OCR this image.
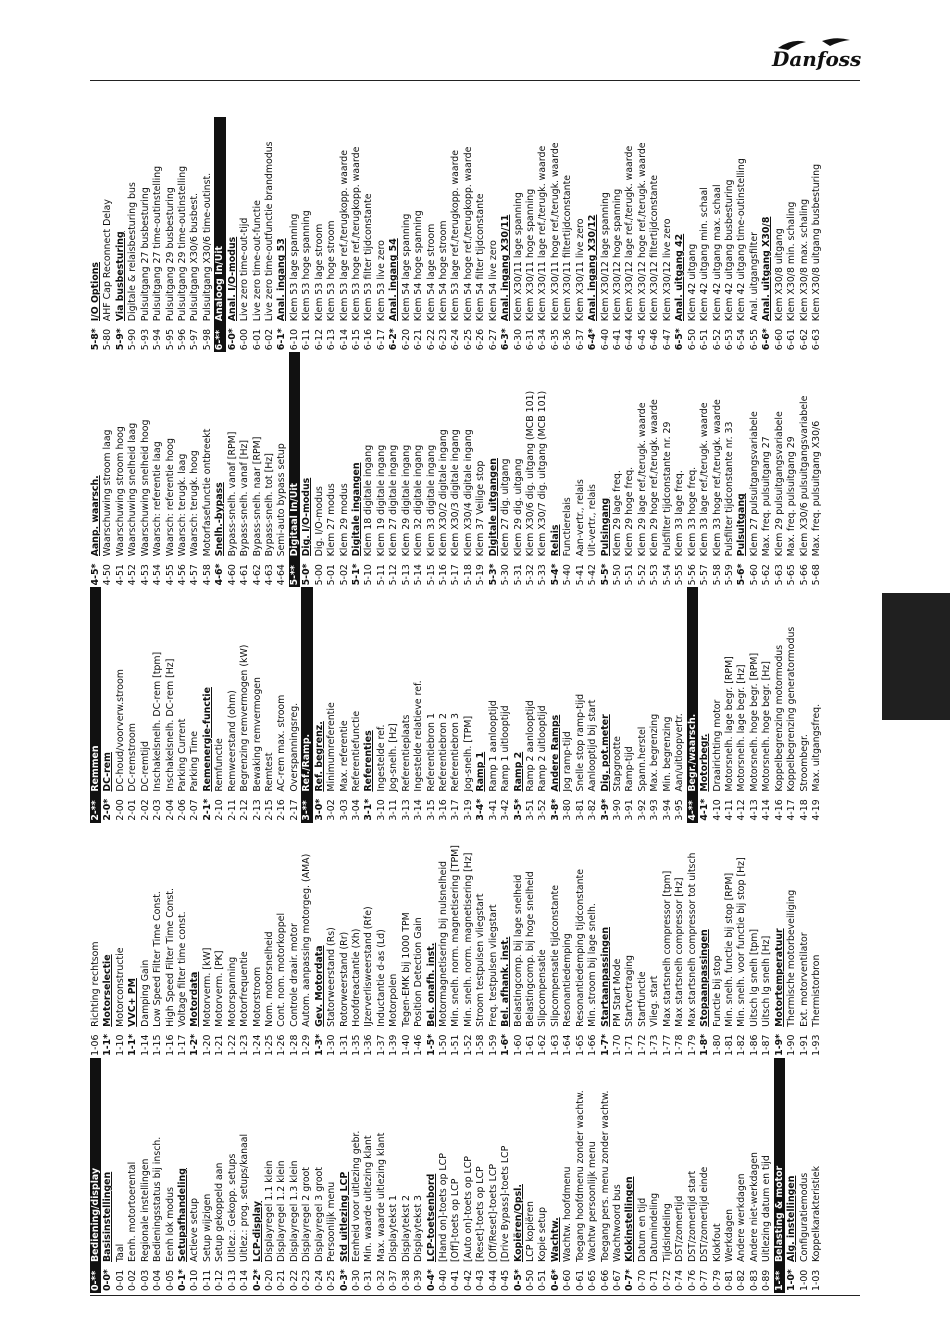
Danfoss
0-**
Bediening/display
0-0*
Basisinstellingen
0-01
Taal
0-02
Eenh. motortoerental
0-03
Regionale instellingen
0-04
Bedieningsstatus bij insch.
0-05
Eenh lok modus
0-1*
Setupafhandeling
0-10
Actieve setup
0-11
Setup wijzigen
0-12
Setup gekoppeld aan
0-13
Uitlez.: Gekopp. setups
0-14
Uitlez.: prog. setups/kanaal
0-2*
LCP-display
0-20
Displayregel 1.1 klein
0-21
Displayregel 1.2 klein
0-22
Displayregel 1.3 klein
0-23
Displayregel 2 groot
0-24
Displayregel 3 groot
0-25
Persoonlijk menu
0-3*
Std uitlezing LCP
0-30
Eenheid voor uitlezing gebr.
0-31
Min. waarde uitlezing klant
0-32
Max. waarde uitlezing klant
0-37
Displaytekst 1
0-38
Displaytekst 2
0-39
Displaytekst 3
0-4*
LCP-toetsenbord
0-40
[Hand on]-toets op LCP
0-41
[Off]-toets op LCP
0-42
[Auto on]-toets op LCP
0-43
[Reset]-toets op LCP
0-44
[Off/Reset]-toets LCP
0-45
[Drive Bypass]-toets LCP
0-5*
Kopiëren/Opsl.
0-50
LCP kopiëren
0-51
Kopie setup
0-6*
Wachtw.
0-60
Wachtw. hoofdmenu
0-61
Toegang hoofdmenu zonder wachtw.
0-65
Wachtw persoonlijk menu
0-66
Toegang pers. menu zonder wachtw.
0-67
Wachtwoord bus
0-7*
Klokinstellingen
0-70
Datum en tijd
0-71
Datumindeling
0-72
Tijdsindeling
0-74
DST/zomertijd
0-76
DST/zomertijd start
0-77
DST/zomertijd einde
0-79
Klokfout
0-81
Werkdagen
0-82
Andere werkdagen
0-83
Andere niet-werkdagen
0-89
Uitlezing datum en tijd
1-**
Belasting & motor
1-0*
Alg. instellingen
1-00
Configuratiemodus
1-03
Koppelkarakteristiek
1-06
Richting rechtsom
1-1*
Motorselectie
1-10
Motorconstructie
1-1*
VVC+ PM
1-14
Damping Gain
1-15
Low Speed Filter Time Const.
1-16
High Speed Filter Time Const.
1-17
Voltage filter time const.
1-2*
Motordata
1-20
Motorverm. [kW]
1-21
Motorverm. [PK]
1-22
Motorspanning
1-23
Motorfrequentie
1-24
Motorstroom
1-25
Nom. motorsnelheid
1-26
Cont. nom. motorkoppel
1-28
Controle draair. motor
1-29
Autom. aanpassing motorgeg. (AMA)
1-3*
Gev. Motordata
1-30
Statorweerstand (Rs)
1-31
Rotorweerstand (Rr)
1-35
Hoofdreactantie (Xh)
1-36
IJzerverlisweerstand (Rfe)
1-37
Inductantie d-as (Ld)
1-39
Motorpolen
1-40
Tegen-EMK bij 1000 TPM
1-46
Position Detection Gain
1-5*
Bel. onafh. inst.
1-50
Motormagnetisering bij nulsnelheid
1-51
Min. snelh. norm. magnetisering [TPM]
1-52
Min. snelh. norm. magnetisering [Hz]
1-58
Stroom testpulsen vliegstart
1-59
Freq. testpulsen vliegstart
1-6*
Bel. afhank. inst.
1-60
Belastingcomp. bij lage snelheid
1-61
Belastingcomp. bij hoge snelheid
1-62
Slipcompensatie
1-63
Slipcompensatie tijdconstante
1-64
Resonantiedemping
1-65
Resonantiedemping tijdconstante
1-66
Min. stroom bij lage snelh.
1-7*
Startaanpassingen
1-70
PM Start Mode
1-71
Startvertraging
1-72
Startfunctie
1-73
Vlieg. start
1-77
Max startsnelh compressor [tpm]
1-78
Max startsnelh compressor [Hz]
1-79
Max startsnelh compressor tot uitsch
1-8*
Stopaanpassingen
1-80
Functie bij stop
1-81
Min. snelh. functie bij stop [RPM]
1-82
Min. snelh. voor functie bij stop [Hz]
1-86
Uitsch lg snelh [tpm]
1-87
Uitsch lg snelh [Hz]
1-9*
Motortemperatuur
1-90
Thermische motorbeveiliging
1-91
Ext. motorventilator
1-93
Thermistorbron
2-**
Remmen
2-0*
DC-rem
2-00
DC-houd/voorverw.stroom
2-01
DC-remstroom
2-02
DC-remtijd
2-03
Inschakelsnelh. DC-rem [tpm]
2-04
Inschakelsnelh. DC-rem [Hz]
2-06
Parking Current
2-07
Parking Time
2-1*
Remenergie-functie
2-10
Remfunctie
2-11
Remweerstand (ohm)
2-12
Begrenzing remvermogen (kW)
2-13
Bewaking remvermogen
2-15
Remtest
2-16
AC-rem max. stroom
2-17
Overspanningsreg.
3-**
Ref./Ramp.
3-0*
Ref. begrenz.
3-02
Minimumreferentie
3-03
Max. referentie
3-04
Referentiefunctie
3-1*
Referenties
3-10
Ingestelde ref.
3-11
Jog-snelh. [Hz]
3-13
Referentieplaats
3-14
Ingestelde relatieve ref.
3-15
Referentiebron 1
3-16
Referentiebron 2
3-17
Referentiebron 3
3-19
Jog-snelh. [TPM]
3-4*
Ramp 1
3-41
Ramp 1 aanlooptijd
3-42
Ramp 1 uitlooptijd
3-5*
Ramp 2
3-51
Ramp 2 aanlooptijd
3-52
Ramp 2 uitlooptijd
3-8*
Andere Ramps
3-80
Jog ramp-tijd
3-81
Snelle stop ramp-tijd
3-82
Aanlooptijd bij start
3-9*
Dig. pot.meter
3-90
Stapgrootte
3-91
Ramp-tijd
3-92
Spann.herstel
3-93
Max. begrenzing
3-94
Min. begrenzing
3-95
Aan/uitloopvertr.
4-**
Begr./waarsch.
4-1*
Motorbegr.
4-10
Draairichting motor
4-11
Motorsnelh. lage begr. [RPM]
4-12
Motorsnelh. lage begr. [Hz]
4-13
Motorsnelh. hoge begr. [RPM]
4-14
Motorsnelh. hoge begr. [Hz]
4-16
Koppelbegrenzing motormodus
4-17
Koppelbegrenzing generatormodus
4-18
Stroombegr.
4-19
Max. uitgangsfreq.
4-5*
Aanp. waarsch.
4-50
Waarschuwing stroom laag
4-51
Waarschuwing stroom hoog
4-52
Waarschuwing snelheid laag
4-53
Waarschuwing snelheid hoog
4-54
Waarsch: referentie laag
4-55
Waarsch: referentie hoog
4-56
Waarsch: terugk. laag
4-57
Waarsch: terugk. hoog
4-58
Motorfasefunctie ontbreekt
4-6*
Snelh.-bypass
4-60
Bypass-snelh. vanaf [RPM]
4-61
Bypass-snelh. vanaf [Hz]
4-62
Bypass-snelh. naar [RPM]
4-63
Bypass-snelh. tot [Hz]
4-64
Semi-auto bypass setup
5-**
Digitaal In/Uit
5-0*
Dig. I/O-modus
5-00
Dig. I/O-modus
5-01
Klem 27 modus
5-02
Klem 29 modus
5-1*
Digitale ingangen
5-10
Klem 18 digitale ingang
5-11
Klem 19 digitale ingang
5-12
Klem 27 digitale ingang
5-13
Klem 29 digitale ingang
5-14
Klem 32 digitale ingang
5-15
Klem 33 digitale ingang
5-16
Klem X30/2 digitale ingang
5-17
Klem X30/3 digitale ingang
5-18
Klem X30/4 digitale ingang
5-19
Klem 37 Veilige stop
5-3*
Digitale uitgangen
5-30
Klem 27 dig. uitgang
5-31
Klem 29 dig. uitgang
5-32
Klem X30/6 dig. uitgang (MCB 101)
5-33
Klem X30/7 dig. uitgang (MCB 101)
5-4*
Relais
5-40
Functierelais
5-41
Aan-vertr., relais
5-42
Uit-vertr., relais
5-5*
Pulsingang
5-50
Klem 29 lage freq.
5-51
Klem 29 hoge freq.
5-52
Klem 29 lage ref./terugk. waarde
5-53
Klem 29 hoge ref./terugk. waarde
5-54
Pulsfilter tijdconstante nr. 29
5-55
Klem 33 lage freq.
5-56
Klem 33 hoge freq.
5-57
Klem 33 lage ref./terugk. waarde
5-58
Klem 33 hoge ref./terugk. waarde
5-59
Pulsfilter tijdconstante nr. 33
5-6*
Pulsuitgang
5-60
Klem 27 pulsuitgangsvariabele
5-62
Max. freq. pulsuitgang 27
5-63
Klem 29 pulsuitgangsvariabele
5-65
Max. freq. pulsuitgang 29
5-66
Klem X30/6 pulsuitgangsvariabele
5-68
Max. freq. pulsuitgang X30/6
5-8*
I/O Options
5-80
AHF Cap Reconnect Delay
5-9*
Via busbesturing
5-90
Digitale & relaisbesturing bus
5-93
Pulsuitgang 27 busbesturing
5-94
Pulsuitgang 27 time-outinstelling
5-95
Pulsuitgang 29 busbesturing
5-96
Pulsuitgang 29 time-outinstelling
5-97
Pulsuitgang X30/6 busbest.
5-98
Pulsuitgang X30/6 time-outinst.
6-**
Analoog In/Uit
6-0*
Anal. I/O-modus
6-00
Live zero time-out-tijd
6-01
Live zero time-out-functie
6-02
Live zero time-outfunctie brandmodus
6-1*
Anal. ingang 53
6-10
Klem 53 lage spanning
6-11
Klem 53 hoge spanning
6-12
Klem 53 lage stroom
6-13
Klem 53 hoge stroom
6-14
Klem 53 lage ref./terugkopp. waarde
6-15
Klem 53 hoge ref./terugkopp. waarde
6-16
Klem 53 filter tijdconstante
6-17
Klem 53 live zero
6-2*
Anal. ingang 54
6-20
Klem 54 lage spanning
6-21
Klem 54 hoge spanning
6-22
Klem 54 lage stroom
6-23
Klem 54 hoge stroom
6-24
Klem 53 lage ref./terugkopp. waarde
6-25
Klem 54 hoge ref./terugkopp. waarde
6-26
Klem 54 filter tijdconstante
6-27
Klem 54 live zero
6-3*
Anal. ingang X30/11
6-30
Klem X30/11 lage spanning
6-31
Klem X30/11 hoge spanning
6-34
Klem X30/11 lage ref./terugk. waarde
6-35
Klem X30/11 hoge ref./terugk. waarde
6-36
Klem X30/11 filtertijdconstante
6-37
Klem X30/11 live zero
6-4*
Anal. ingang X30/12
6-40
Klem X30/12 lage spanning
6-41
Klem X30/12 hoge spanning
6-44
Klem X30/12 lage ref./terugk. waarde
6-45
Klem X30/12 hoge ref./terugk. waarde
6-46
Klem X30/12 filtertijdconstante
6-47
Klem X30/12 live zero
6-5*
Anal. uitgang 42
6-50
Klem 42 uitgang
6-51
Klem 42 uitgang min. schaal
6-52
Klem 42 uitgang max. schaal
6-53
Klem 42 uitgang busbesturing
6-54
Klem 42 uitgang time-outinstelling
6-55
Anal. uitgangsfilter
6-6*
Anal. uitgang X30/8
6-60
Klem X30/8 uitgang
6-61
Klem X30/8 min. schaling
6-62
Klem X30/8 max. schaling
6-63
Klem X30/8 uitgang busbesturing
